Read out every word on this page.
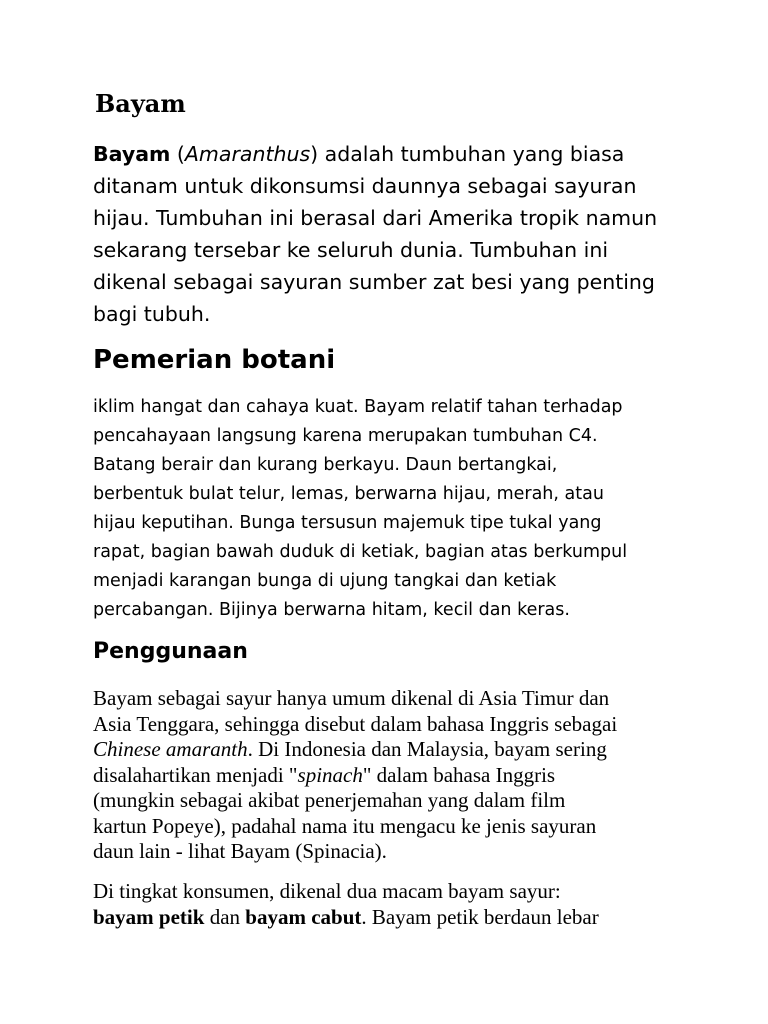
Bayam

Bayam (Amaranthus) adalah tumbuhan yang biasa
ditanam untuk dikonsumsi daunnya sebagai sayuran
hijau. Tumbuhan ini berasal dari Amerika tropik namun
sekarang tersebar ke seluruh dunia. Tumbuhan ini
dikenal sebagai sayuran sumber zat besi yang penting
bagi tubuh.

Pemerian botani

iklim hangat dan cahaya kuat. Bayam relatif tahan terhadap
pencahayaan langsung karena merupakan tumbuhan C4.
Batang berair dan kurang berkayu. Daun bertangkai,
berbentuk bulat telur, lemas, berwarna hijau, merah, atau
hijau keputihan. Bunga tersusun majemuk tipe tukal yang
rapat, bagian bawah duduk di ketiak, bagian atas berkumpul
menjadi karangan bunga di ujung tangkai dan ketiak
percabangan. Bijinya berwarna hitam, kecil dan keras.

Penggunaan

Bayam sebagai sayur hanya umum dikenal di Asia Timur dan
Asia Tenggara, sehingga disebut dalam bahasa Inggris sebagai
Chinese amaranth. Di Indonesia dan Malaysia, bayam sering
disalahartikan menjadi "spinach" dalam bahasa Inggris
(mungkin sebagai akibat penerjemahan yang dalam film
kartun Popeye), padahal nama itu mengacu ke jenis sayuran
daun lain - lihat Bayam (Spinacia).

Di tingkat konsumen, dikenal dua macam bayam sayur:
bayam petik dan bayam cabut. Bayam petik berdaun lebar
